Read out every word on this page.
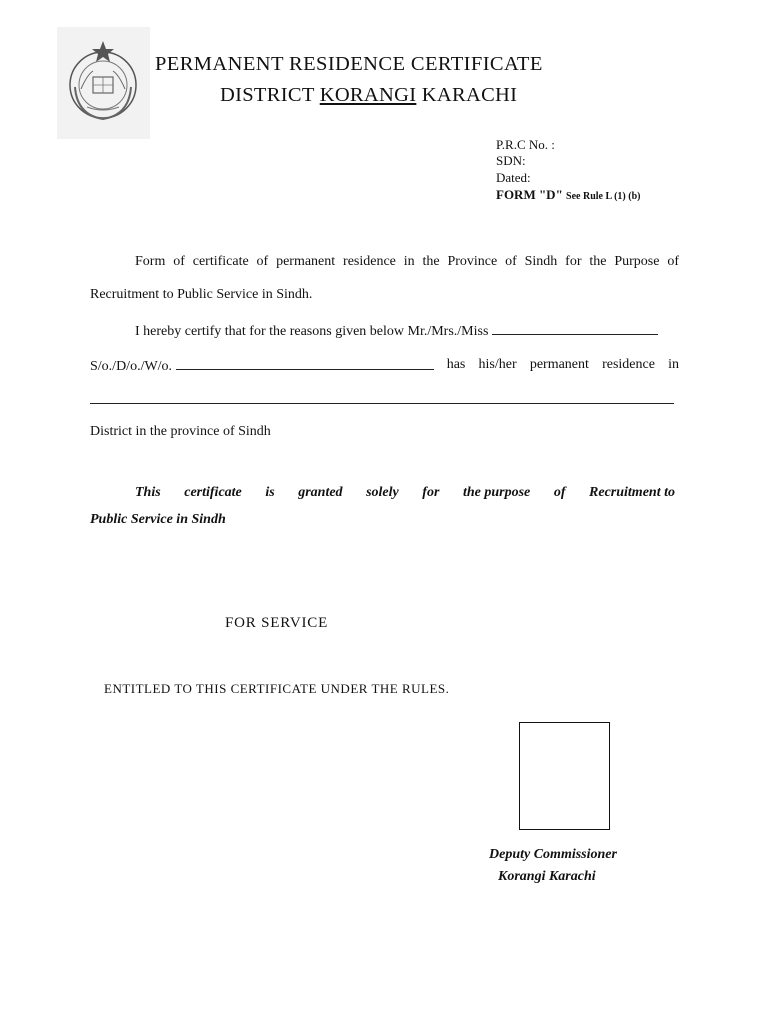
PERMANENT RESIDENCE CERTIFICATE
DISTRICT KORANGI KARACHI
P.R.C No. :
SDN:
Dated:
FORM "D" See Rule L (1) (b)
Form of certificate of permanent residence in the Province of Sindh for the Purpose of
Recruitment to Public Service in Sindh.
I hereby certify that for the reasons given below Mr./Mrs./Miss
S/o./D/o./W/o.	has his/her permanent residence in
District in the province of Sindh
This certificate is granted solely for the purpose of Recruitment to
Public Service in Sindh
FOR SERVICE
ENTITLED TO THIS CERTIFICATE UNDER THE RULES.
Deputy Commissioner
Korangi Karachi
